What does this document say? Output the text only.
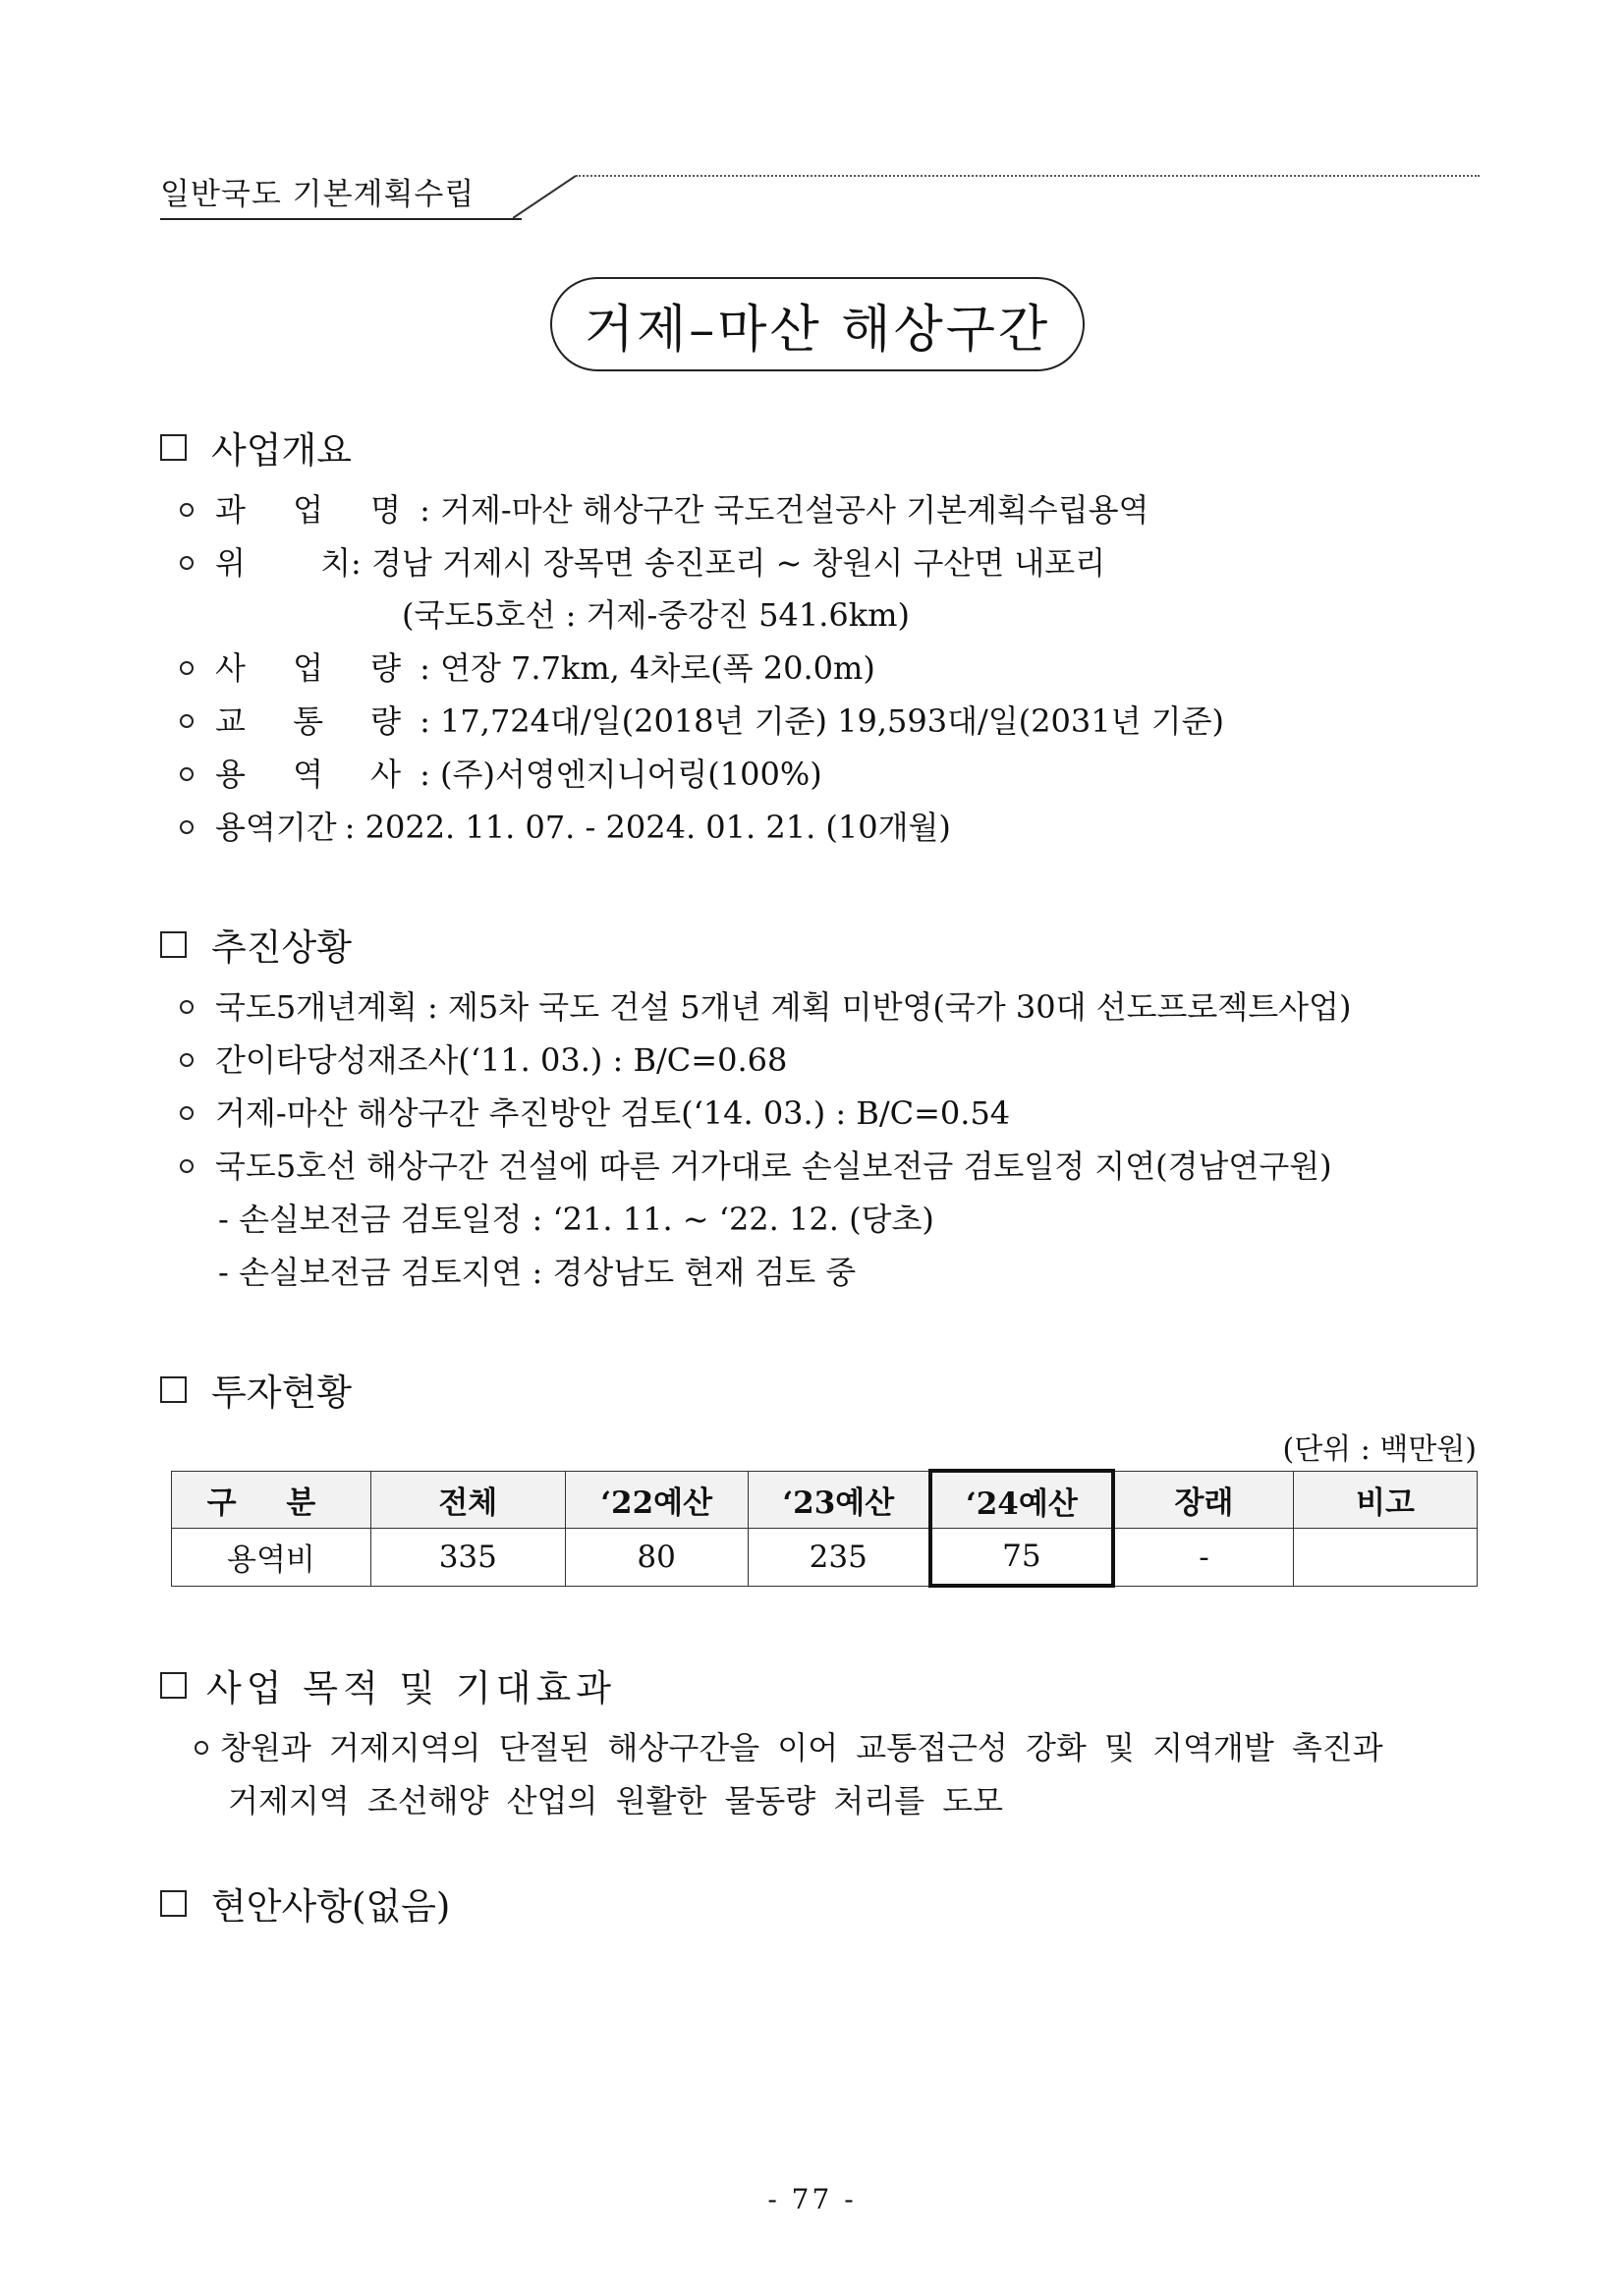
일반국도 기본계획수립
거제–마산 해상구간
사업개요
과 업 명: 거제-마산 해상구간 국도건설공사 기본계획수립용역
위 치: 경남 거제시 장목면 송진포리 ~ 창원시 구산면 내포리
(국도5호선 : 거제-중강진 541.6km)
사 업 량: 연장 7.7km, 4차로(폭 20.0m)
교 통 량: 17,724대/일(2018년 기준) 19,593대/일(2031년 기준)
용 역 사: (주)서영엔지니어링(100%)
용역기간 : 2022. 11. 07. - 2024. 01. 21. (10개월)
추진상황
국도5개년계획 : 제5차 국도 건설 5개년 계획 미반영(국가 30대 선도프로젝트사업)
간이타당성재조사(‘11. 03.) : B/C=0.68
거제-마산 해상구간 추진방안 검토(‘14. 03.) : B/C=0.54
국도5호선 해상구간 건설에 따른 거가대로 손실보전금 검토일정 지연(경남연구원)
- 손실보전금 검토일정 : ‘21. 11. ~ ‘22. 12. (당초)
- 손실보전금 검토지연 : 경상남도 현재 검토 중
투자현황
(단위 : 백만원)
구 분	전체	‘22예산	‘23예산	‘24예산	장래	비고
용역비	335	80	235	75	-	
사업 목적 및 기대효과
창원과 거제지역의 단절된 해상구간을 이어 교통접근성 강화 및 지역개발 촉진과
거제지역 조선해양 산업의 원활한 물동량 처리를 도모
현안사항(없음)
- 77 -
